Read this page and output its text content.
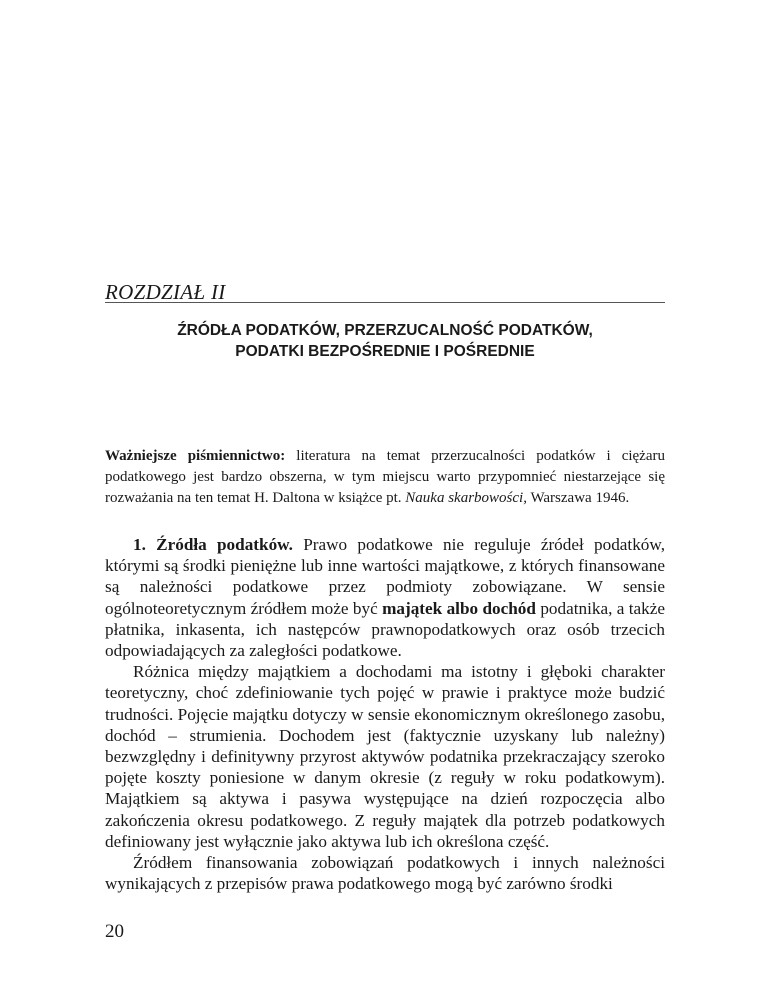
ROZDZIAŁ II
ŹRÓDŁA PODATKÓW, PRZERZUCALNOŚĆ PODATKÓW,
PODATKI BEZPOŚREDNIE I POŚREDNIE

Ważniejsze piśmiennictwo: literatura na temat przerzucalności podatków i ciężaru podatkowego jest bardzo obszerna, w tym miejscu warto przypomnieć niestarzejące się rozważania na ten temat H. Daltona w książce pt. Nauka skarbowości, Warszawa 1946.

1. Źródła podatków. Prawo podatkowe nie reguluje źródeł podatków, którymi są środki pieniężne lub inne wartości majątkowe, z których finansowane są należności podatkowe przez podmioty zobowiązane. W sensie ogólnoteoretycznym źródłem może być majątek albo dochód podatnika, a także płatnika, inkasenta, ich następców prawnopodatkowych oraz osób trzecich odpowiadających za zaległości podatkowe.

Różnica między majątkiem a dochodami ma istotny i głęboki charakter teoretyczny, choć zdefiniowanie tych pojęć w prawie i praktyce może budzić trudności. Pojęcie majątku dotyczy w sensie ekonomicznym określonego zasobu, dochód – strumienia. Dochodem jest (faktycznie uzyskany lub należny) bezwzględny i definitywny przyrost aktywów podatnika przekraczający szeroko pojęte koszty poniesione w danym okresie (z reguły w roku podatkowym). Majątkiem są aktywa i pasywa występujące na dzień rozpoczęcia albo zakończenia okresu podatkowego. Z reguły majątek dla potrzeb podatkowych definiowany jest wyłącznie jako aktywa lub ich określona część.

Źródłem finansowania zobowiązań podatkowych i innych należności wynikających z przepisów prawa podatkowego mogą być zarówno środki

20
